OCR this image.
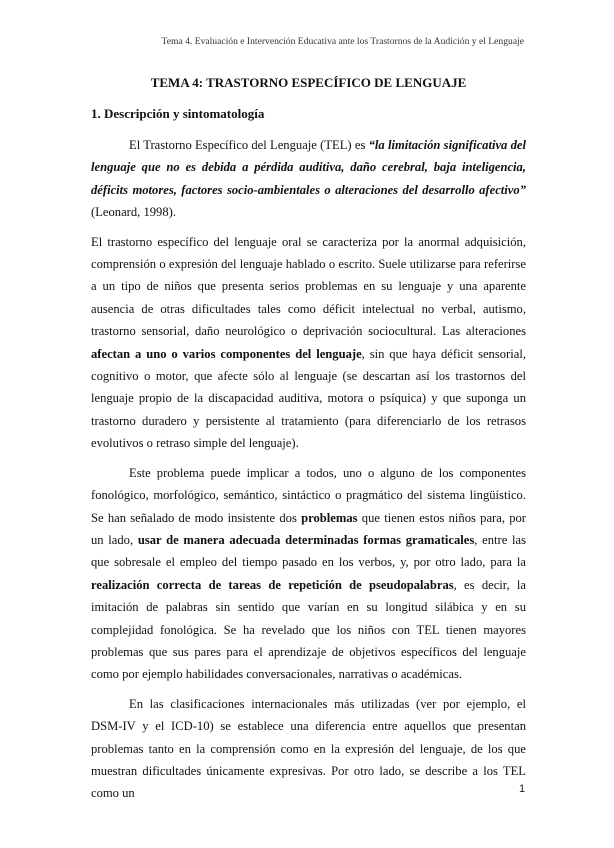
Tema 4. Evaluación e Intervención Educativa ante los Trastornos de la Audición y el Lenguaje
TEMA 4: TRASTORNO ESPECÍFICO DE LENGUAJE
1. Descripción y sintomatología

El Trastorno Específico del Lenguaje (TEL) es “la limitación significativa del lenguaje que no es debida a pérdida auditiva, daño cerebral, baja inteligencia, déficits motores, factores socio-ambientales o alteraciones del desarrollo afectivo” (Leonard, 1998).

El trastorno específico del lenguaje oral se caracteriza por la anormal adquisición, comprensión o expresión del lenguaje hablado o escrito. Suele utilizarse para referirse a un tipo de niños que presenta serios problemas en su lenguaje y una aparente ausencia de otras dificultades tales como déficit intelectual no verbal, autismo, trastorno sensorial, daño neurológico o deprivación sociocultural. Las alteraciones afectan a uno o varios componentes del lenguaje, sin que haya déficit sensorial, cognitivo o motor, que afecte sólo al lenguaje (se descartan así los trastornos del lenguaje propio de la discapacidad auditiva, motora o psíquica) y que suponga un trastorno duradero y persistente al tratamiento (para diferenciarlo de los retrasos evolutivos o retraso simple del lenguaje).

Este problema puede implicar a todos, uno o alguno de los componentes fonológico, morfológico, semántico, sintáctico o pragmático del sistema lingüístico. Se han señalado de modo insistente dos problemas que tienen estos niños para, por un lado, usar de manera adecuada determinadas formas gramaticales, entre las que sobresale el empleo del tiempo pasado en los verbos, y, por otro lado, para la realización correcta de tareas de repetición de pseudopalabras, es decir, la imitación de palabras sin sentido que varían en su longitud silábica y en su complejidad fonológica. Se ha revelado que los niños con TEL tienen mayores problemas que sus pares para el aprendizaje de objetivos específicos del lenguaje como por ejemplo habilidades conversacionales, narrativas o académicas.

En las clasificaciones internacionales más utilizadas (ver por ejemplo, el DSM-IV y el ICD-10) se establece una diferencia entre aquellos que presentan problemas tanto en la comprensión como en la expresión del lenguaje, de los que muestran dificultades únicamente expresivas. Por otro lado, se describe a los TEL como un	1
